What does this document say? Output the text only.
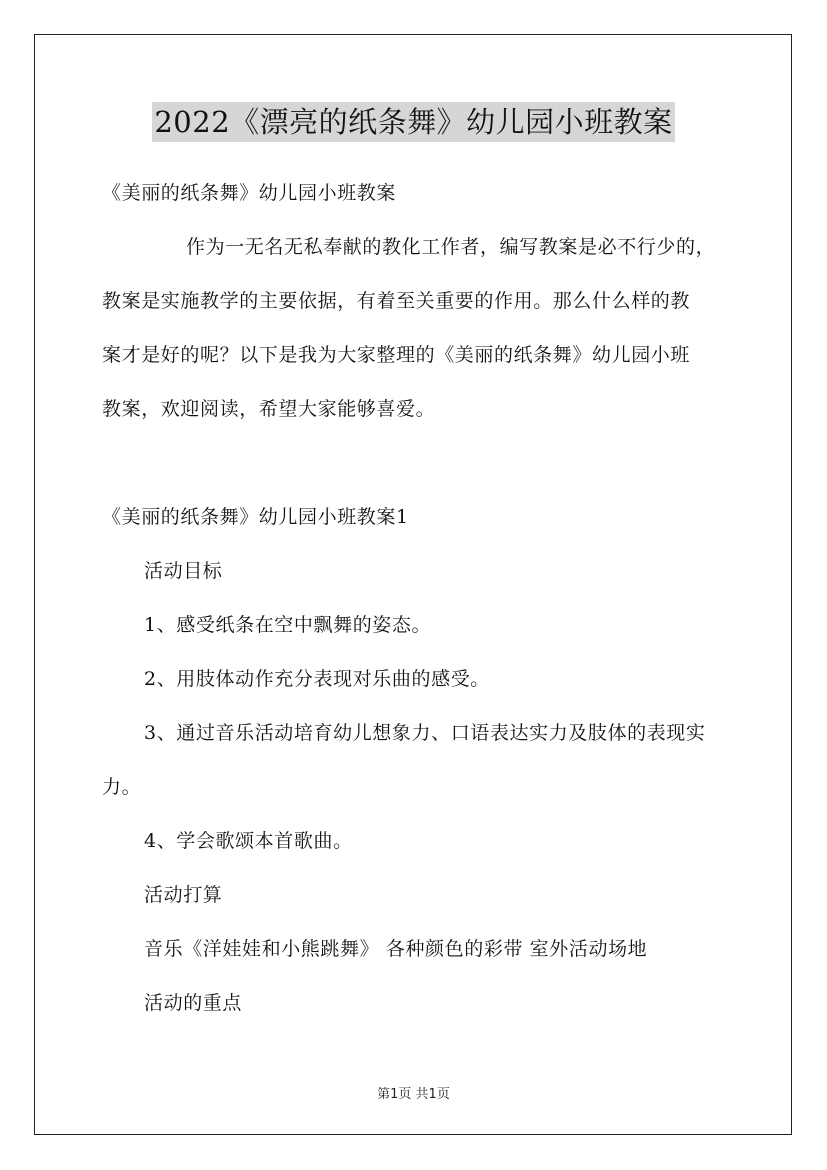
2022《漂亮的纸条舞》幼儿园小班教案
《美丽的纸条舞》幼儿园小班教案
作为一无名无私奉献的教化工作者，编写教案是必不行少的，
教案是实施教学的主要依据，有着至关重要的作用。那么什么样的教
案才是好的呢？以下是我为大家整理的《美丽的纸条舞》幼儿园小班
教案，欢迎阅读，希望大家能够喜爱。
《美丽的纸条舞》幼儿园小班教案1
活动目标
1、感受纸条在空中飘舞的姿态。
2、用肢体动作充分表现对乐曲的感受。
3、通过音乐活动培育幼儿想象力、口语表达实力及肢体的表现实
力。
4、学会歌颂本首歌曲。
活动打算
音乐《洋娃娃和小熊跳舞》 各种颜色的彩带 室外活动场地
活动的重点
第1页 共1页
